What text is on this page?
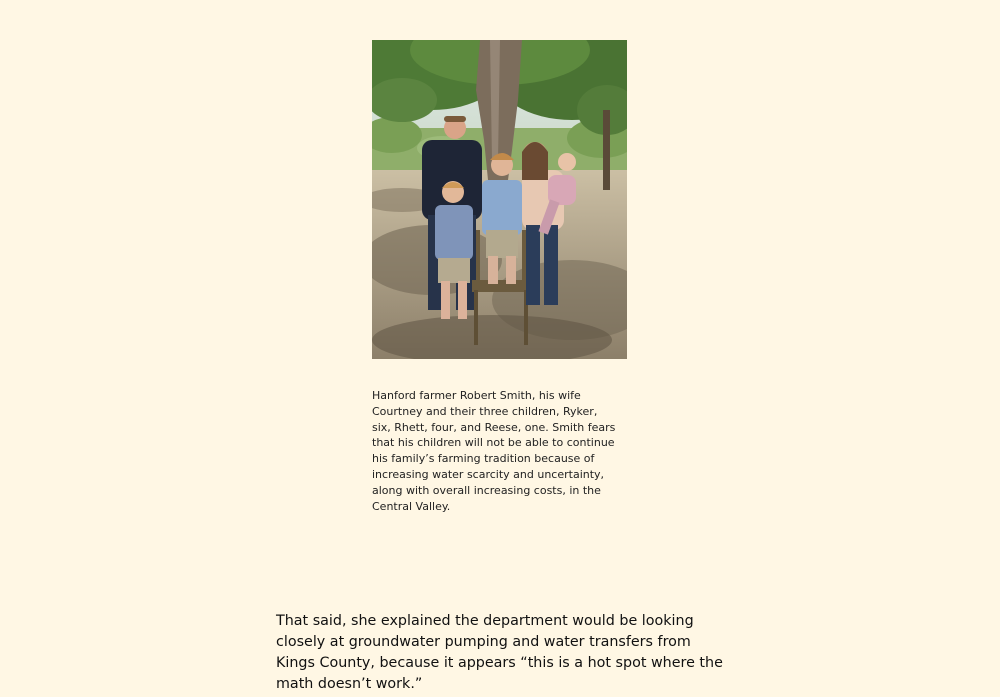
Hanford farmer Robert Smith, his wife Courtney and their three children, Ryker, six, Rhett, four, and Reese, one. Smith fears that his children will not be able to continue his family’s farming tradition because of increasing water scarcity and uncertainty, along with overall increasing costs, in the Central Valley.
That said, she explained the department would be looking closely at groundwater pumping and water transfers from Kings County, because it appears “this is a hot spot where the math doesn’t work.”
